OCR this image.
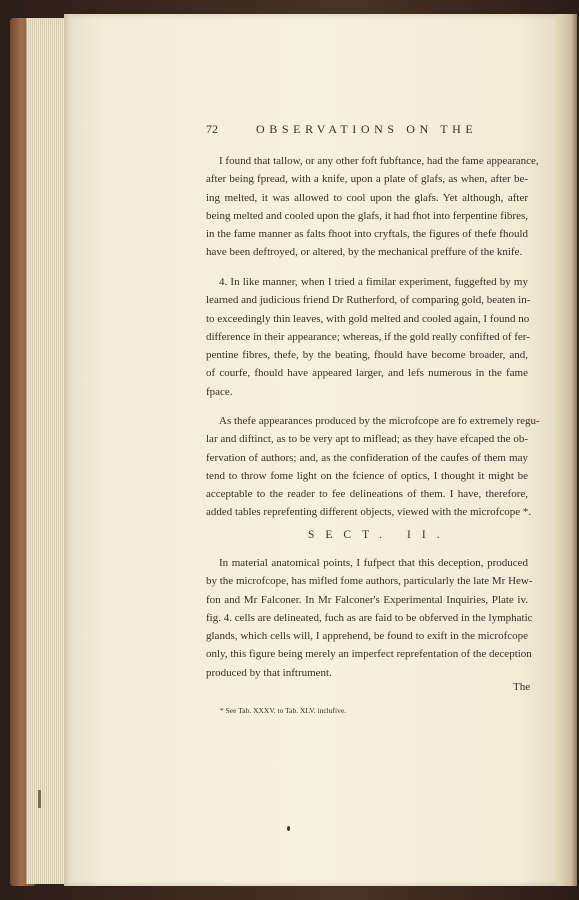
72	OBSERVATIONS ON THE
I found that tallow, or any other foft fubftance, had the fame appearance,
after being fpread, with a knife, upon a plate of glafs, as when, after be-
ing melted, it was allowed to cool upon the glafs. Yet although, after
being melted and cooled upon the glafs, it had fhot into ferpentine fibres,
in the fame manner as falts fhoot into cryftals, the figures of thefe fhould
have been deftroyed, or altered, by the mechanical preffure of the knife.
4. In like manner, when I tried a fimilar experiment, fuggefted by my
learned and judicious friend Dr Rutherford, of comparing gold, beaten in-
to exceedingly thin leaves, with gold melted and cooled again, I found no
difference in their appearance; whereas, if the gold really confifted of fer-
pentine fibres, thefe, by the beating, fhould have become broader, and,
of courfe, fhould have appeared larger, and lefs numerous in the fame
fpace.
As thefe appearances produced by the microfcope are fo extremely regu-
lar and diftinct, as to be very apt to miflead; as they have efcaped the ob-
fervation of authors; and, as the confideration of the caufes of them may
tend to throw fome light on the fcience of optics, I thought it might be
acceptable to the reader to fee delineations of them. I have, therefore,
added tables reprefenting different objects, viewed with the microfcope *.
SECT. II.
In material anatomical points, I fufpect that this deception, produced
by the microfcope, has mifled fome authors, particularly the late Mr Hew-
fon and Mr Falconer. In Mr Falconer's Experimental Inquiries, Plate iv.
fig. 4. cells are delineated, fuch as are faid to be obferved in the lymphatic
glands, which cells will, I apprehend, be found to exift in the microfcope
only, this figure being merely an imperfect reprefentation of the deception
produced by that inftrument.
The
* See Tab. XXXV. to Tab. XLV. inclufive.
